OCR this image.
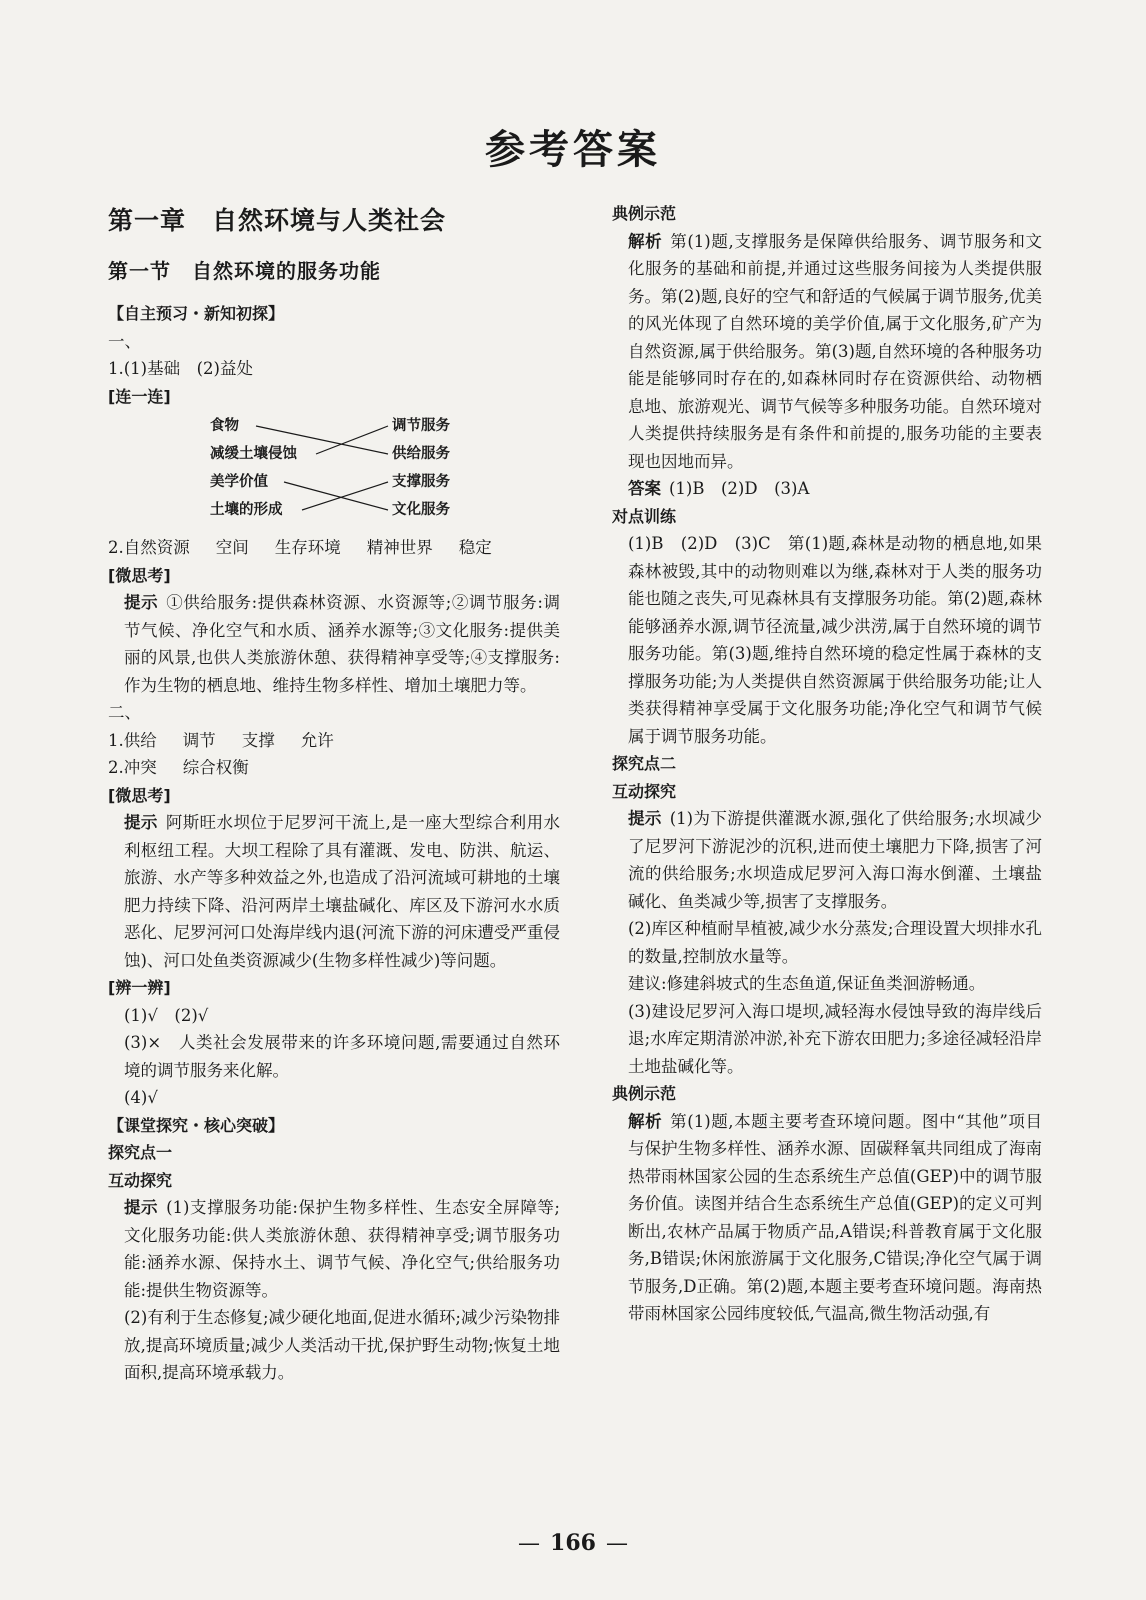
参考答案

第一章　自然环境与人类社会

第一节　自然环境的服务功能

【自主预习・新知初探】

一、

1.(1)基础　(2)益处

[连一连]

食物
减缓土壤侵蚀
美学价值
土壤的形成
调节服务
供给服务
支撑服务
文化服务

2.自然资源 空间 生存环境 精神世界 稳定

[微思考]

提示 ①供给服务:提供森林资源、水资源等;②调节服务:调节气候、净化空气和水质、涵养水源等;③文化服务:提供美丽的风景,也供人类旅游休憩、获得精神享受等;④支撑服务:作为生物的栖息地、维持生物多样性、增加土壤肥力等。

二、

1.供给 调节 支撑 允许

2.冲突 综合权衡

[微思考]

提示 阿斯旺水坝位于尼罗河干流上,是一座大型综合利用水利枢纽工程。大坝工程除了具有灌溉、发电、防洪、航运、旅游、水产等多种效益之外,也造成了沿河流域可耕地的土壤肥力持续下降、沿河两岸土壤盐碱化、库区及下游河水水质恶化、尼罗河河口处海岸线内退(河流下游的河床遭受严重侵蚀)、河口处鱼类资源减少(生物多样性减少)等问题。

[辨一辨]

(1)√　(2)√

(3)×　人类社会发展带来的许多环境问题,需要通过自然环境的调节服务来化解。

(4)√

【课堂探究・核心突破】

探究点一

互动探究

提示 (1)支撑服务功能:保护生物多样性、生态安全屏障等;文化服务功能:供人类旅游休憩、获得精神享受;调节服务功能:涵养水源、保持水土、调节气候、净化空气;供给服务功能:提供生物资源等。

(2)有利于生态修复;减少硬化地面,促进水循环;减少污染物排放,提高环境质量;减少人类活动干扰,保护野生动物;恢复土地面积,提高环境承载力。

典例示范

解析 第(1)题,支撑服务是保障供给服务、调节服务和文化服务的基础和前提,并通过这些服务间接为人类提供服务。第(2)题,良好的空气和舒适的气候属于调节服务,优美的风光体现了自然环境的美学价值,属于文化服务,矿产为自然资源,属于供给服务。第(3)题,自然环境的各种服务功能是能够同时存在的,如森林同时存在资源供给、动物栖息地、旅游观光、调节气候等多种服务功能。自然环境对人类提供持续服务是有条件和前提的,服务功能的主要表现也因地而异。

答案 (1)B　(2)D　(3)A

对点训练

(1)B　(2)D　(3)C　第(1)题,森林是动物的栖息地,如果森林被毁,其中的动物则难以为继,森林对于人类的服务功能也随之丧失,可见森林具有支撑服务功能。第(2)题,森林能够涵养水源,调节径流量,减少洪涝,属于自然环境的调节服务功能。第(3)题,维持自然环境的稳定性属于森林的支撑服务功能;为人类提供自然资源属于供给服务功能;让人类获得精神享受属于文化服务功能;净化空气和调节气候属于调节服务功能。

探究点二

互动探究

提示 (1)为下游提供灌溉水源,强化了供给服务;水坝减少了尼罗河下游泥沙的沉积,进而使土壤肥力下降,损害了河流的供给服务;水坝造成尼罗河入海口海水倒灌、土壤盐碱化、鱼类减少等,损害了支撑服务。

(2)库区种植耐旱植被,减少水分蒸发;合理设置大坝排水孔的数量,控制放水量等。

建议:修建斜坡式的生态鱼道,保证鱼类洄游畅通。

(3)建设尼罗河入海口堤坝,减轻海水侵蚀导致的海岸线后退;水库定期清淤冲淤,补充下游农田肥力;多途径减轻沿岸土地盐碱化等。

典例示范

解析 第(1)题,本题主要考查环境问题。图中“其他”项目与保护生物多样性、涵养水源、固碳释氧共同组成了海南热带雨林国家公园的生态系统生产总值(GEP)中的调节服务价值。读图并结合生态系统生产总值(GEP)的定义可判断出,农林产品属于物质产品,A错误;科普教育属于文化服务,B错误;休闲旅游属于文化服务,C错误;净化空气属于调节服务,D正确。第(2)题,本题主要考查环境问题。海南热带雨林国家公园纬度较低,气温高,微生物活动强,有

— 166 —
